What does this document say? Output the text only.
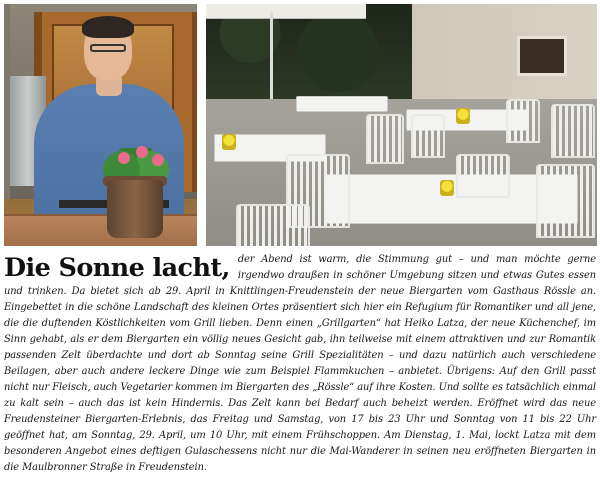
Die Sonne lacht, der Abend ist warm, die Stimmung gut – und man möchte gerne irgendwo draußen in schöner Umgebung sitzen und etwas Gutes essen und trinken. Da bietet sich ab 29. April in Knittlingen-Freudenstein der neue Biergarten vom Gasthaus Rössle an. Eingebettet in die schöne Landschaft des kleinen Ortes präsentiert sich hier ein Refugium für Romantiker und all jene, die die duftenden Köstlichkeiten vom Grill lieben. Denn einen „Grillgarten“ hat Heiko Latza, der neue Küchenchef, im Sinn gehabt, als er dem Biergarten ein völlig neues Gesicht gab, ihn teilweise mit einem attraktiven und zur Romantik passenden Zelt überdachte und dort ab Sonntag seine Grill Spezialitäten – und dazu natürlich auch verschiedene Beilagen, aber auch andere leckere Dinge wie zum Beispiel Flammkuchen – anbietet. Übrigens: Auf den Grill passt nicht nur Fleisch, auch Vegetarier kommen im Biergarten des „Rössle“ auf ihre Kosten. Und sollte es tatsächlich einmal zu kalt sein – auch das ist kein Hindernis. Das Zelt kann bei Bedarf auch beheizt werden. Eröffnet wird das neue Freudensteiner Biergarten-Erlebnis, das Freitag und Samstag, von 17 bis 23 Uhr und Sonntag von 11 bis 22 Uhr geöffnet hat, am Sonntag, 29. April, um 10 Uhr, mit einem Frühschoppen. Am Dienstag, 1. Mai, lockt Latza mit dem besonderen Angebot eines deftigen Gulaschessens nicht nur die Mai-Wanderer in seinen neu eröffneten Biergarten in die Maulbronner Straße in Freudenstein.
